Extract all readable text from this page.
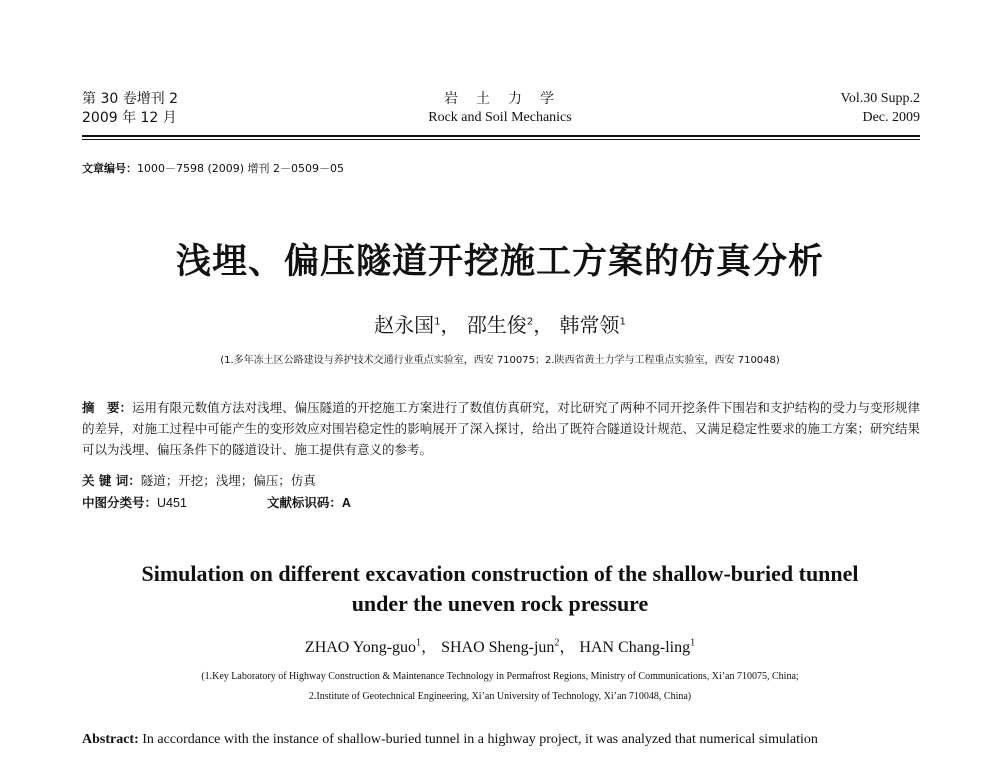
第 30 卷增刊 2
2009 年 12 月
岩　土　力　学
Rock and Soil Mechanics
Vol.30 Supp.2
Dec. 2009
文章编号：1000－7598 (2009) 增刊 2－0509－05
浅埋、偏压隧道开挖施工方案的仿真分析
赵永国$^1$， 邵生俊$^2$， 韩常领$^1$
(1.多年冻土区公路建设与养护技术交通行业重点实验室，西安 710075；2.陕西省黄土力学与工程重点实验室，西安 710048)
摘　要：运用有限元数值方法对浅埋、偏压隧道的开挖施工方案进行了数值仿真研究，对比研究了两种不同开挖条件下围岩和支护结构的受力与变形规律的差异，对施工过程中可能产生的变形效应对围岩稳定性的影响展开了深入探讨，给出了既符合隧道设计规范、又满足稳定性要求的施工方案；研究结果可以为浅埋、偏压条件下的隧道设计、施工提供有意义的参考。
关 键 词：隧道；开挖；浅埋；偏压；仿真
中图分类号：U451	文献标识码：A
Simulation on different excavation construction of the shallow-buried tunnel
under the uneven rock pressure
ZHAO Yong-guo$^1$， SHAO Sheng-jun$^2$， HAN Chang-ling$^1$
(1.Key Laboratory of Highway Construction & Maintenance Technology in Permafrost Regions, Ministry of Communications, Xi’an 710075, China;
2.Institute of Geotechnical Engineering, Xi’an University of Technology, Xi’an 710048, China)
Abstract: In accordance with the instance of shallow-buried tunnel in a highway project, it was analyzed that numerical simulation
